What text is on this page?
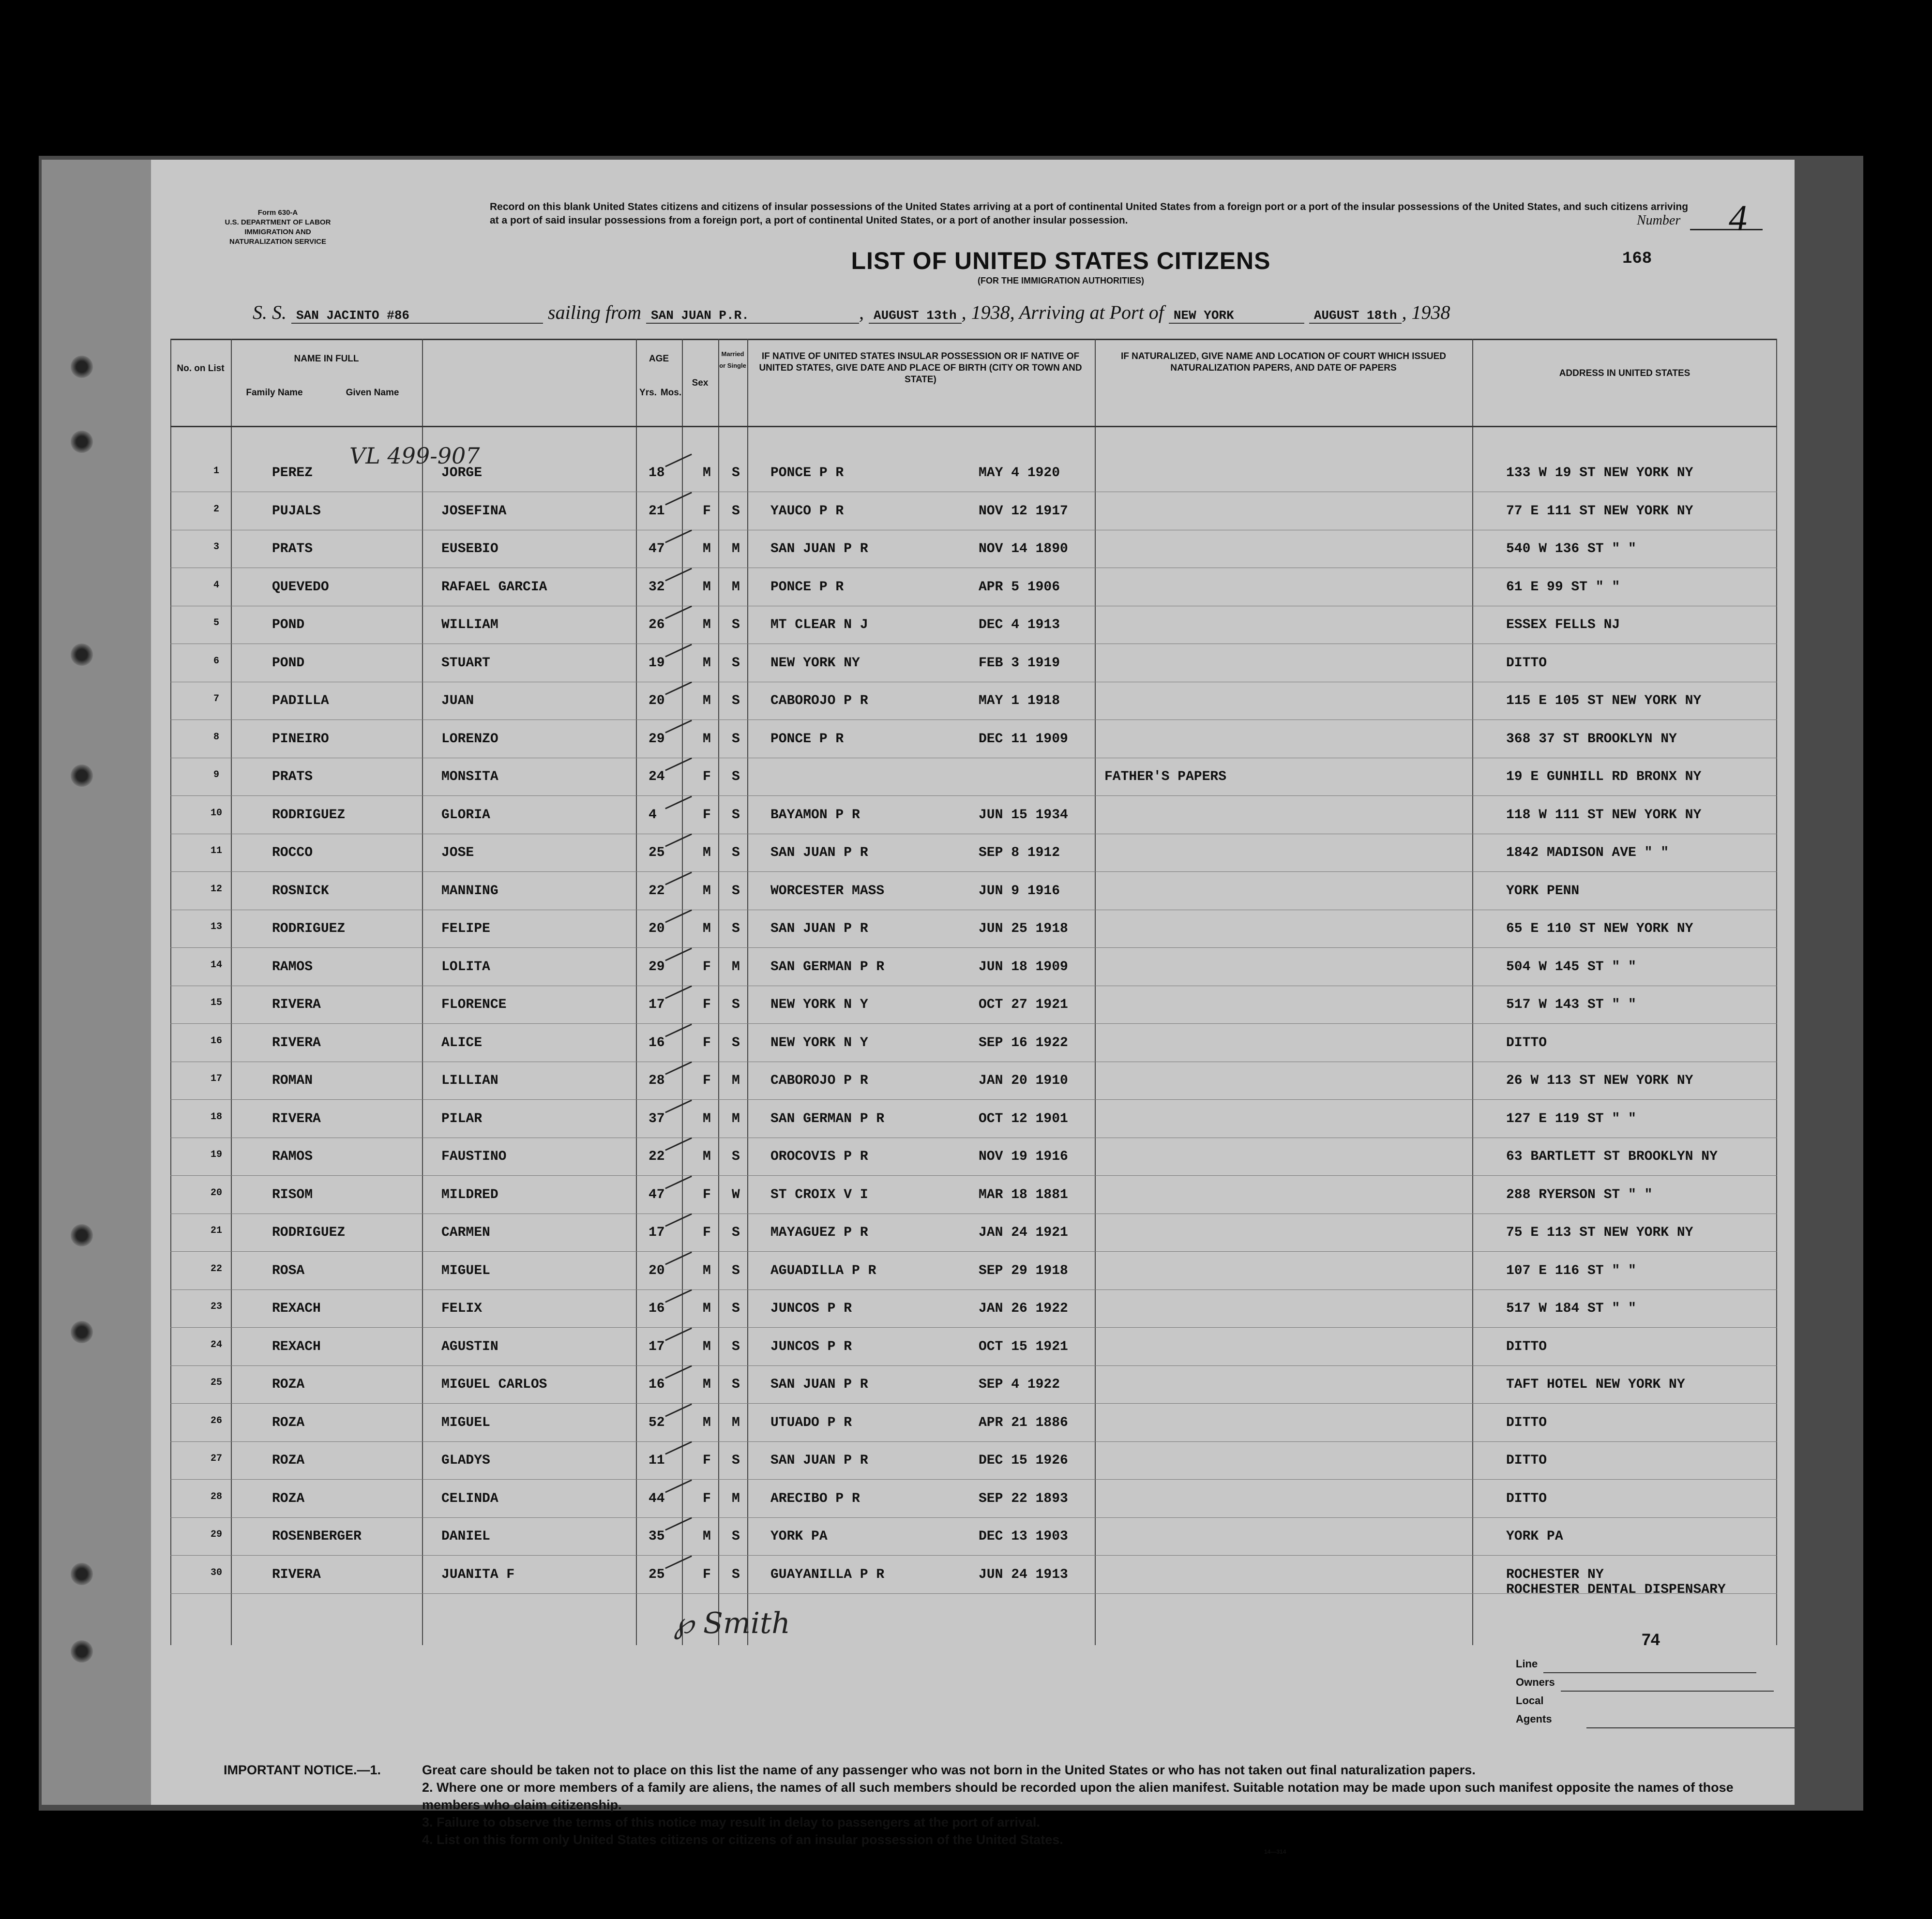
Form 630-A
U.S. DEPARTMENT OF LABOR
IMMIGRATION AND
NATURALIZATION SERVICE
Record on this blank United States citizens and citizens of insular possessions of the United States arriving at a port of continental United States from a foreign port or a port of the insular possessions of the United States, and such citizens arriving at a port of said insular possessions from a foreign port, a port of continental United States, or a port of another insular possession.	Number 4
168
LIST OF UNITED STATES CITIZENS
(FOR THE IMMIGRATION AUTHORITIES)
S. S. SAN JACINTO #86	sailing from SAN JUAN P.R.	, AUGUST 13th , 1938, Arriving at Port of NEW YORK	AUGUST 18th , 1938
NAME IN FULL
Family Name	Given Name
No. on List
AGE
Yrs. Mos.
Sex
Married or Single
IF NATIVE OF UNITED STATES INSULAR POSSESSION OR IF NATIVE OF UNITED STATES, GIVE DATE AND PLACE OF BIRTH (CITY OR TOWN AND STATE)
IF NATURALIZED, GIVE NAME AND LOCATION OF COURT WHICH ISSUED NATURALIZATION PAPERS, AND DATE OF PAPERS
ADDRESS IN UNITED STATES
VL 499-907
1	PEREZ	JORGE	18	M S PONCE P R	MAY 4 1920	133 W 19 ST NEW YORK NY
2	PUJALS	JOSEFINA	21	F S YAUCO P R	NOV 12 1917	77 E 111 ST NEW YORK NY
3	PRATS	EUSEBIO	47	M M SAN JUAN P R	NOV 14 1890	540 W 136 ST " "
4	QUEVEDO	RAFAEL GARCIA	32	M M PONCE P R	APR 5 1906	61 E 99 ST " "
5	POND	WILLIAM	26	M S MT CLEAR N J	DEC 4 1913	ESSEX FELLS NJ
6	POND	STUART	19	M S NEW YORK NY	FEB 3 1919	DITTO
7	PADILLA	JUAN	20	M S CABOROJO P R	MAY 1 1918	115 E 105 ST NEW YORK NY
8	PINEIRO	LORENZO	29	M S PONCE P R	DEC 11 1909	368 37 ST BROOKLYN NY
9	PRATS	MONSITA	24	F S	FATHER'S PAPERS	19 E GUNHILL RD BRONX NY
10	RODRIGUEZ	GLORIA	4	F S BAYAMON P R	JUN 15 1934	118 W 111 ST NEW YORK NY
11	ROCCO	JOSE	25	M S SAN JUAN P R	SEP 8 1912	1842 MADISON AVE " "
12	ROSNICK	MANNING	22	M S WORCESTER MASS	JUN 9 1916	YORK PENN
13	RODRIGUEZ	FELIPE	20	M S SAN JUAN P R	JUN 25 1918	65 E 110 ST NEW YORK NY
14	RAMOS	LOLITA	29	F M SAN GERMAN P R	JUN 18 1909	504 W 145 ST " "
15	RIVERA	FLORENCE	17	F S NEW YORK N Y	OCT 27 1921	517 W 143 ST " "
16	RIVERA	ALICE	16	F S NEW YORK N Y	SEP 16 1922	DITTO
17	ROMAN	LILLIAN	28	F M CABOROJO P R	JAN 20 1910	26 W 113 ST NEW YORK NY
18	RIVERA	PILAR	37	M M SAN GERMAN P R	OCT 12 1901	127 E 119 ST " "
19	RAMOS	FAUSTINO	22	M S OROCOVIS P R	NOV 19 1916	63 BARTLETT ST BROOKLYN NY
20	RISOM	MILDRED	47	F W ST CROIX V I	MAR 18 1881	288 RYERSON ST " "
21	RODRIGUEZ	CARMEN	17	F S MAYAGUEZ P R	JAN 24 1921	75 E 113 ST NEW YORK NY
22	ROSA	MIGUEL	20	M S AGUADILLA P R	SEP 29 1918	107 E 116 ST " "
23	REXACH	FELIX	16	M S JUNCOS P R	JAN 26 1922	517 W 184 ST " "
24	REXACH	AGUSTIN	17	M S JUNCOS P R	OCT 15 1921	DITTO
25	ROZA	MIGUEL CARLOS	16	M S SAN JUAN P R	SEP 4 1922	TAFT HOTEL NEW YORK NY
26	ROZA	MIGUEL	52	M M UTUADO P R	APR 21 1886	DITTO
27	ROZA	GLADYS	11	F S SAN JUAN P R	DEC 15 1926	DITTO
28	ROZA	CELINDA	44	F M ARECIBO P R	SEP 22 1893	DITTO
29	ROSENBERGER	DANIEL	35	M S YORK PA	DEC 13 1903	YORK PA
30	RIVERA	JUANITA F	25	F S GUAYANILLA P R	JUN 24 1913	ROCHESTER NY
ROCHESTER DENTAL DISPENSARY
℘ Smith	74
Line
Owners
Local Agents
IMPORTANT NOTICE.—1.	Great care should be taken not to place on this list the name of any passenger who was not born in the United States or who has not taken out final naturalization papers.
2. Where one or more members of a family are aliens, the names of all such members should be recorded upon the alien manifest. Suitable notation may be made upon such manifest opposite the names of those members who claim citizenship.
3. Failure to observe the terms of this notice may result in delay to passengers at the port of arrival.
4. List on this form only United States citizens or citizens of an insular possession of the United States.
14—314
